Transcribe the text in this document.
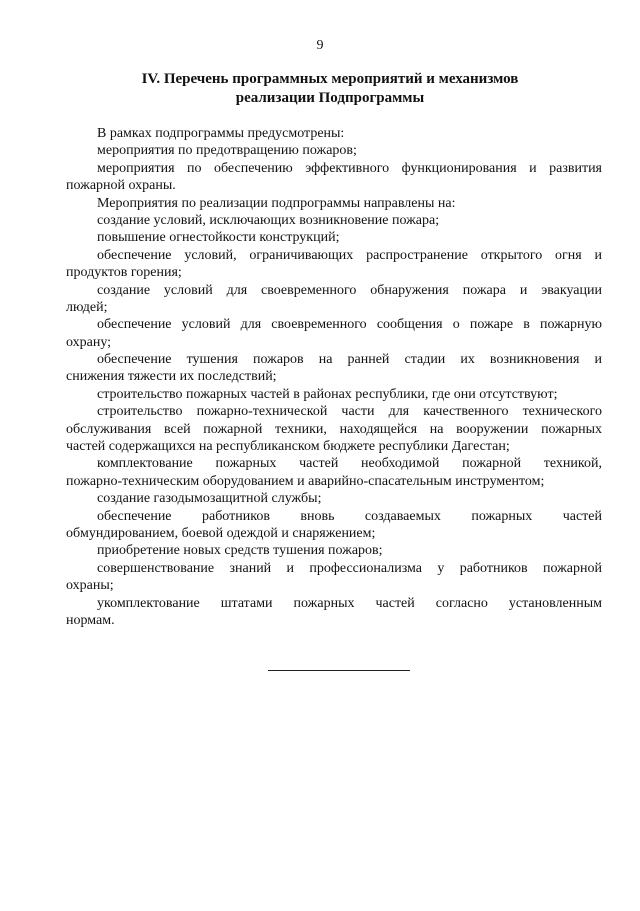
9
IV. Перечень программных мероприятий и механизмов
реализации Подпрограммы
В рамках подпрограммы предусмотрены:
мероприятия по предотвращению пожаров;
мероприятия по обеспечению эффективного функционирования и развития
пожарной охраны.
Мероприятия по реализации подпрограммы направлены на:
создание условий, исключающих возникновение пожара;
повышение огнестойкости конструкций;
обеспечение условий, ограничивающих распространение открытого огня и
продуктов горения;
создание условий для своевременного обнаружения пожара и эвакуации
людей;
обеспечение условий для своевременного сообщения о пожаре в пожарную
охрану;
обеспечение тушения пожаров на ранней стадии их возникновения и
снижения тяжести их последствий;
строительство пожарных частей в районах республики, где они отсутствуют;
строительство пожарно-технической части для качественного технического
обслуживания всей пожарной техники, находящейся на вооружении пожарных
частей содержащихся на республиканском бюджете республики Дагестан;
комплектование пожарных частей необходимой пожарной техникой,
пожарно-техническим оборудованием и аварийно-спасательным инструментом;
создание газодымозащитной службы;
обеспечение работников вновь создаваемых пожарных частей
обмундированием, боевой одеждой и снаряжением;
приобретение новых средств тушения пожаров;
совершенствование знаний и профессионализма у работников пожарной
охраны;
укомплектование штатами пожарных частей согласно установленным
нормам.
